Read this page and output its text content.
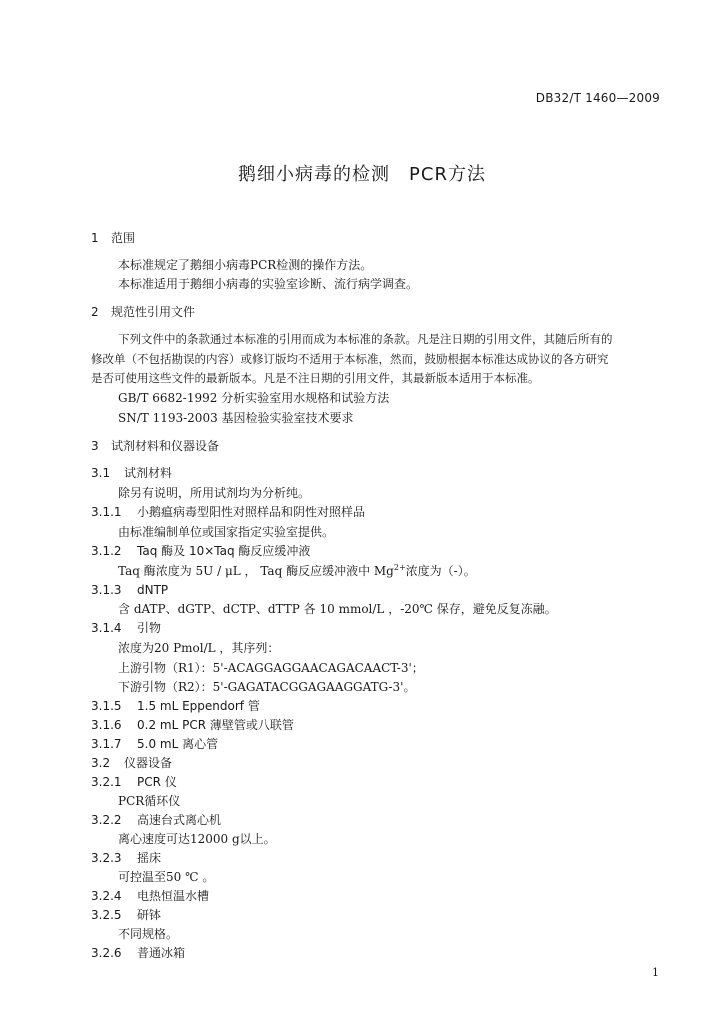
DB32/T 1460—2009
鹅细小病毒的检测　PCR方法
1 范围
本标准规定了鹅细小病毒PCR检测的操作方法。
本标准适用于鹅细小病毒的实验室诊断、流行病学调查。
2 规范性引用文件
下列文件中的条款通过本标准的引用而成为本标准的条款。凡是注日期的引用文件，其随后所有的
修改单（不包括勘误的内容）或修订版均不适用于本标准，然而，鼓励根据本标准达成协议的各方研究
是否可使用这些文件的最新版本。凡是不注日期的引用文件，其最新版本适用于本标准。
GB/T 6682-1992 分析实验室用水规格和试验方法
SN/T 1193-2003 基因检验实验室技术要求
3 试剂材料和仪器设备
3.1 试剂材料
除另有说明，所用试剂均为分析纯。
3.1.1 小鹅瘟病毒型阳性对照样品和阴性对照样品
由标准编制单位或国家指定实验室提供。
3.1.2 Taq 酶及 10×Taq 酶反应缓冲液
Taq 酶浓度为 5U / μL ， Taq 酶反应缓冲液中 $Mg^{2+}$浓度为（-）。
3.1.3 dNTP
含 dATP、dGTP、dCTP、dTTP 各 10 mmol/L ，-20℃ 保存，避免反复冻融。
3.1.4 引物
浓度为20 Pmol/L ，其序列：
上游引物（R1）：5'-ACAGGAGGAACAGACAACT-3'；
下游引物（R2）：5'-GAGATACGGAGAAGGATG-3'。
3.1.5 1.5 mL Eppendorf 管
3.1.6 0.2 mL PCR 薄壁管或八联管
3.1.7 5.0 mL 离心管
3.2 仪器设备
3.2.1 PCR 仪
PCR循环仪
3.2.2 高速台式离心机
离心速度可达12000 g以上。
3.2.3 摇床
可控温至50 ℃ 。
3.2.4 电热恒温水槽
3.2.5 研钵
不同规格。
3.2.6 普通冰箱
1
